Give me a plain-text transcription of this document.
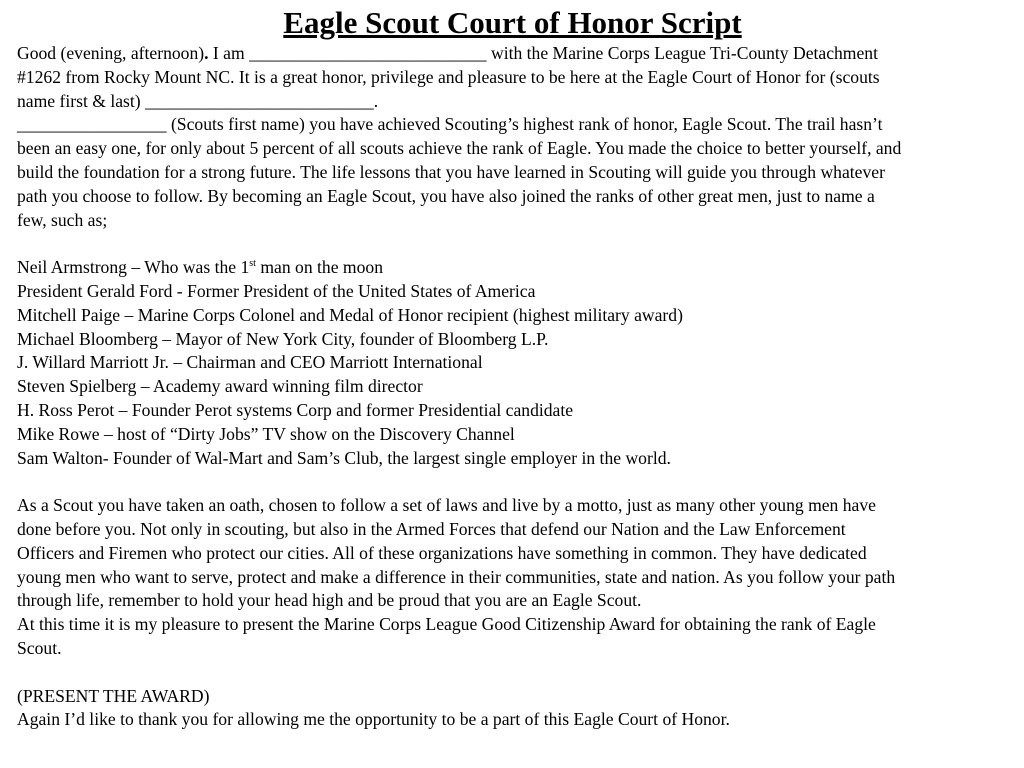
Eagle Scout Court of Honor Script
Good (evening, afternoon). I am ___________________________ with the Marine Corps League Tri-County Detachment
#1262 from Rocky Mount NC. It is a great honor, privilege and pleasure to be here at the Eagle Court of Honor for (scouts
name first & last) __________________________.
_________________ (Scouts first name) you have achieved Scouting’s highest rank of honor, Eagle Scout. The trail hasn’t
been an easy one, for only about 5 percent of all scouts achieve the rank of Eagle. You made the choice to better yourself, and
build the foundation for a strong future. The life lessons that you have learned in Scouting will guide you through whatever
path you choose to follow. By becoming an Eagle Scout, you have also joined the ranks of other great men, just to name a
few, such as;
Neil Armstrong – Who was the 1st man on the moon
President Gerald Ford - Former President of the United States of America
Mitchell Paige – Marine Corps Colonel and Medal of Honor recipient (highest military award)
Michael Bloomberg – Mayor of New York City, founder of Bloomberg L.P.
J. Willard Marriott Jr. – Chairman and CEO Marriott International
Steven Spielberg – Academy award winning film director
H. Ross Perot – Founder Perot systems Corp and former Presidential candidate
Mike Rowe – host of “Dirty Jobs” TV show on the Discovery Channel
Sam Walton- Founder of Wal-Mart and Sam’s Club, the largest single employer in the world.
As a Scout you have taken an oath, chosen to follow a set of laws and live by a motto, just as many other young men have
done before you. Not only in scouting, but also in the Armed Forces that defend our Nation and the Law Enforcement
Officers and Firemen who protect our cities. All of these organizations have something in common. They have dedicated
young men who want to serve, protect and make a difference in their communities, state and nation. As you follow your path
through life, remember to hold your head high and be proud that you are an Eagle Scout.
At this time it is my pleasure to present the Marine Corps League Good Citizenship Award for obtaining the rank of Eagle
Scout.
(PRESENT THE AWARD)
Again I’d like to thank you for allowing me the opportunity to be a part of this Eagle Court of Honor.
